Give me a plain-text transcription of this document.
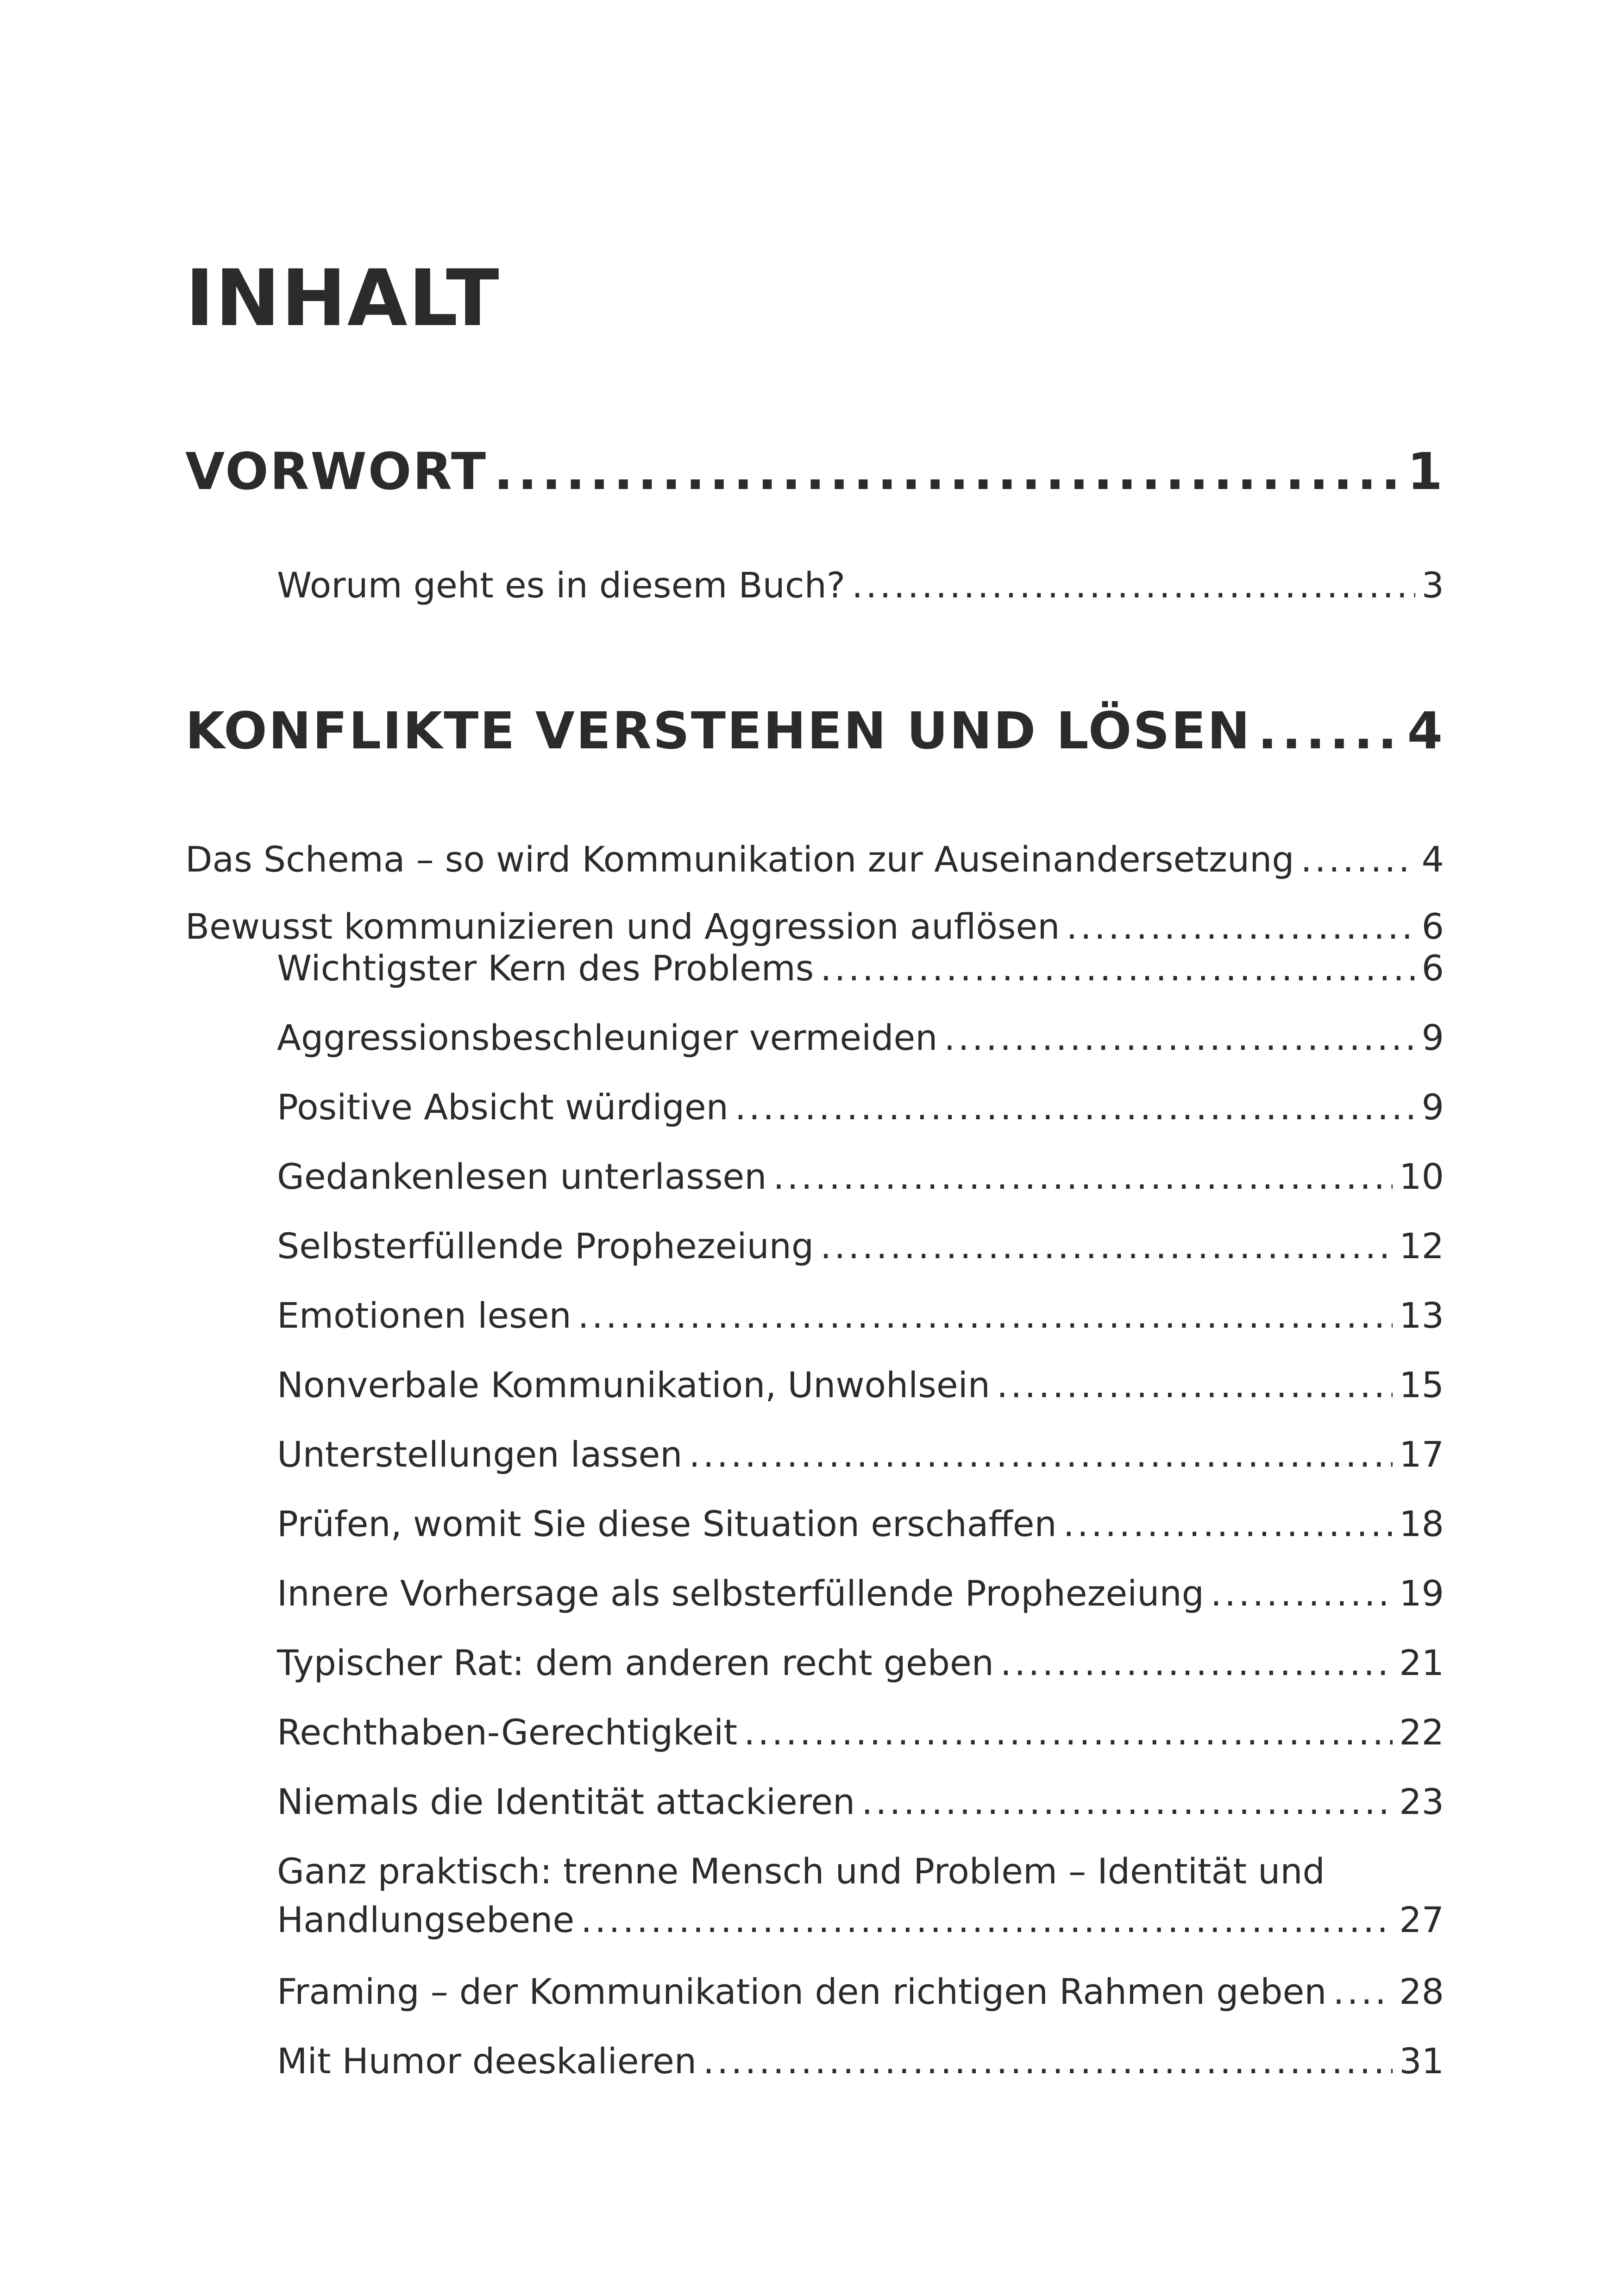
INHALT
VORWORT .....	1
Worum geht es in diesem Buch? .....	3
KONFLIKTE VERSTEHEN UND LÖSEN .....	4
Das Schema – so wird Kommunikation zur Auseinandersetzung .....	4
Bewusst kommunizieren und Aggression auflösen .....	6
Wichtigster Kern des Problems .....	6
Aggressionsbeschleuniger vermeiden .....	9
Positive Absicht würdigen .....	9
Gedankenlesen unterlassen .....	10
Selbsterfüllende Prophezeiung .....	12
Emotionen lesen .....	13
Nonverbale Kommunikation, Unwohlsein .....	15
Unterstellungen lassen .....	17
Prüfen, womit Sie diese Situation erschaffen .....	18
Innere Vorhersage als selbsterfüllende Prophezeiung .....	19
Typischer Rat: dem anderen recht geben .....	21
Rechthaben-Gerechtigkeit .....	22
Niemals die Identität attackieren .....	23
Ganz praktisch: trenne Mensch und Problem – Identität und
Handlungsebene .....	27
Framing – der Kommunikation den richtigen Rahmen geben ..... 28
Mit Humor deeskalieren .....	31
